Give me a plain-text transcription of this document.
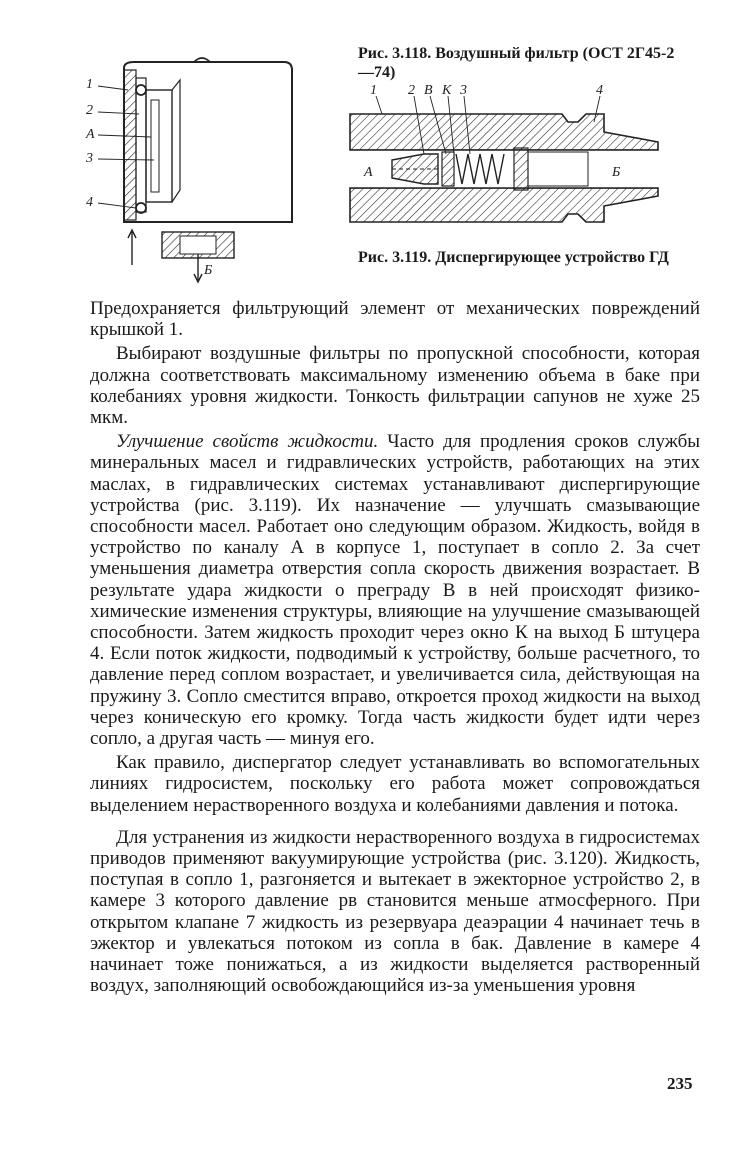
1
2
А
3
4
Б
Рис. 3.118. Воздушный фильтр (ОСТ 2Г45-2—74)
1 2 В К 3	4
А	Б
Рис. 3.119. Диспергирующее устройство ГД

Предохраняется фильтрующий элемент от механических повреждений крышкой 1.

Выбирают воздушные фильтры по пропускной способности, которая должна соответствовать максимальному изменению объема в баке при колебаниях уровня жидкости. Тонкость фильтрации сапунов не хуже 25 мкм.

Улучшение свойств жидкости. Часто для продления сроков службы минеральных масел и гидравлических устройств, работающих на этих маслах, в гидравлических системах устанавливают диспергирующие устройства (рис. 3.119). Их назначение — улучшать смазывающие способности масел. Работает оно следующим образом. Жидкость, войдя в устройство по каналу А в корпусе 1, поступает в сопло 2. За счет уменьшения диаметра отверстия сопла скорость движения возрастает. В результате удара жидкости о преграду В в ней происходят физико-химические изменения структуры, влияющие на улучшение смазывающей способности. Затем жидкость проходит через окно К на выход Б штуцера 4. Если поток жидкости, подводимый к устройству, больше расчетного, то давление перед соплом возрастает, и увеличивается сила, действующая на пружину 3. Сопло сместится вправо, откроется проход жидкости на выход через коническую его кромку. Тогда часть жидкости будет идти через сопло, а другая часть — минуя его.

Как правило, диспергатор следует устанавливать во вспомогательных линиях гидросистем, поскольку его работа может сопровождаться выделением нерастворенного воздуха и колебаниями давления и потока.

Для устранения из жидкости нерастворенного воздуха в гидросистемах приводов применяют вакуумирующие устройства (рис. 3.120). Жидкость, поступая в сопло 1, разгоняется и вытекает в эжекторное устройство 2, в камере 3 которого давление pв становится меньше атмосферного. При открытом клапане 7 жидкость из резервуара деаэрации 4 начинает течь в эжектор и увлекаться потоком из сопла в бак. Давление в камере 4 начинает тоже понижаться, а из жидкости выделяется растворенный воздух, заполняющий освобождающийся из-за уменьшения уровня

235
